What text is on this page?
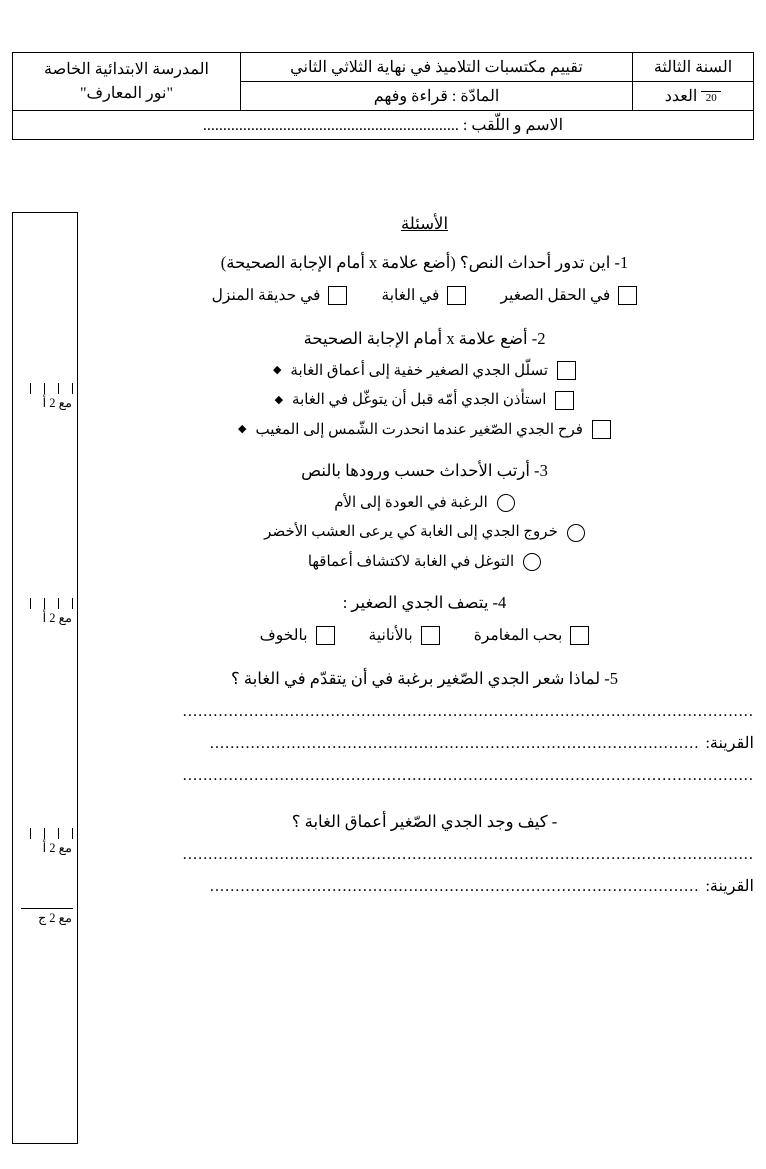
السنة الثالثة	تقييم مكتسبات التلاميذ في نهاية الثلاثي الثاني	المدرسة الابتدائية الخاصة
"نور المعارف"

20
العدد	المادّة : قراءة وفهم	
الاسم و اللّقب : ................................................................		
مع 2 أ
مع 2 أ
مع 2 أ
مع 2 ج
الأسئلة
1- اين تدور أحداث النص؟ (أضع علامة x أمام الإجابة الصحيحة)
في الحقل الصغير
في الغابة
في حديقة المنزل
2- أضع علامة x أمام الإجابة الصحيحة
تسلّل الجدي الصغير خفية إلى أعماق الغابة
◆
استأذن الجدي أمّه قبل أن يتوغّل في الغابة
◆
فرح الجدي الصّغير عندما انحدرت الشّمس إلى المغيب
◆
3- أرتب الأحداث حسب ورودها بالنص
الرغبة في العودة إلى الأم
خروج الجدي إلى الغابة كي يرعى العشب الأخضر
التوغل في الغابة لاكتشاف أعماقها
4- يتصف الجدي الصغير :
بحب المغامرة
بالأنانية
بالخوف
5- لماذا شعر الجدي الصّغير برغبة في أن يتقدّم في الغابة ؟
................................................................................................................
القرينة:
................................................................................................
................................................................................................................
- كيف وجد الجدي الصّغير أعماق الغابة ؟
................................................................................................................
القرينة:
................................................................................................
